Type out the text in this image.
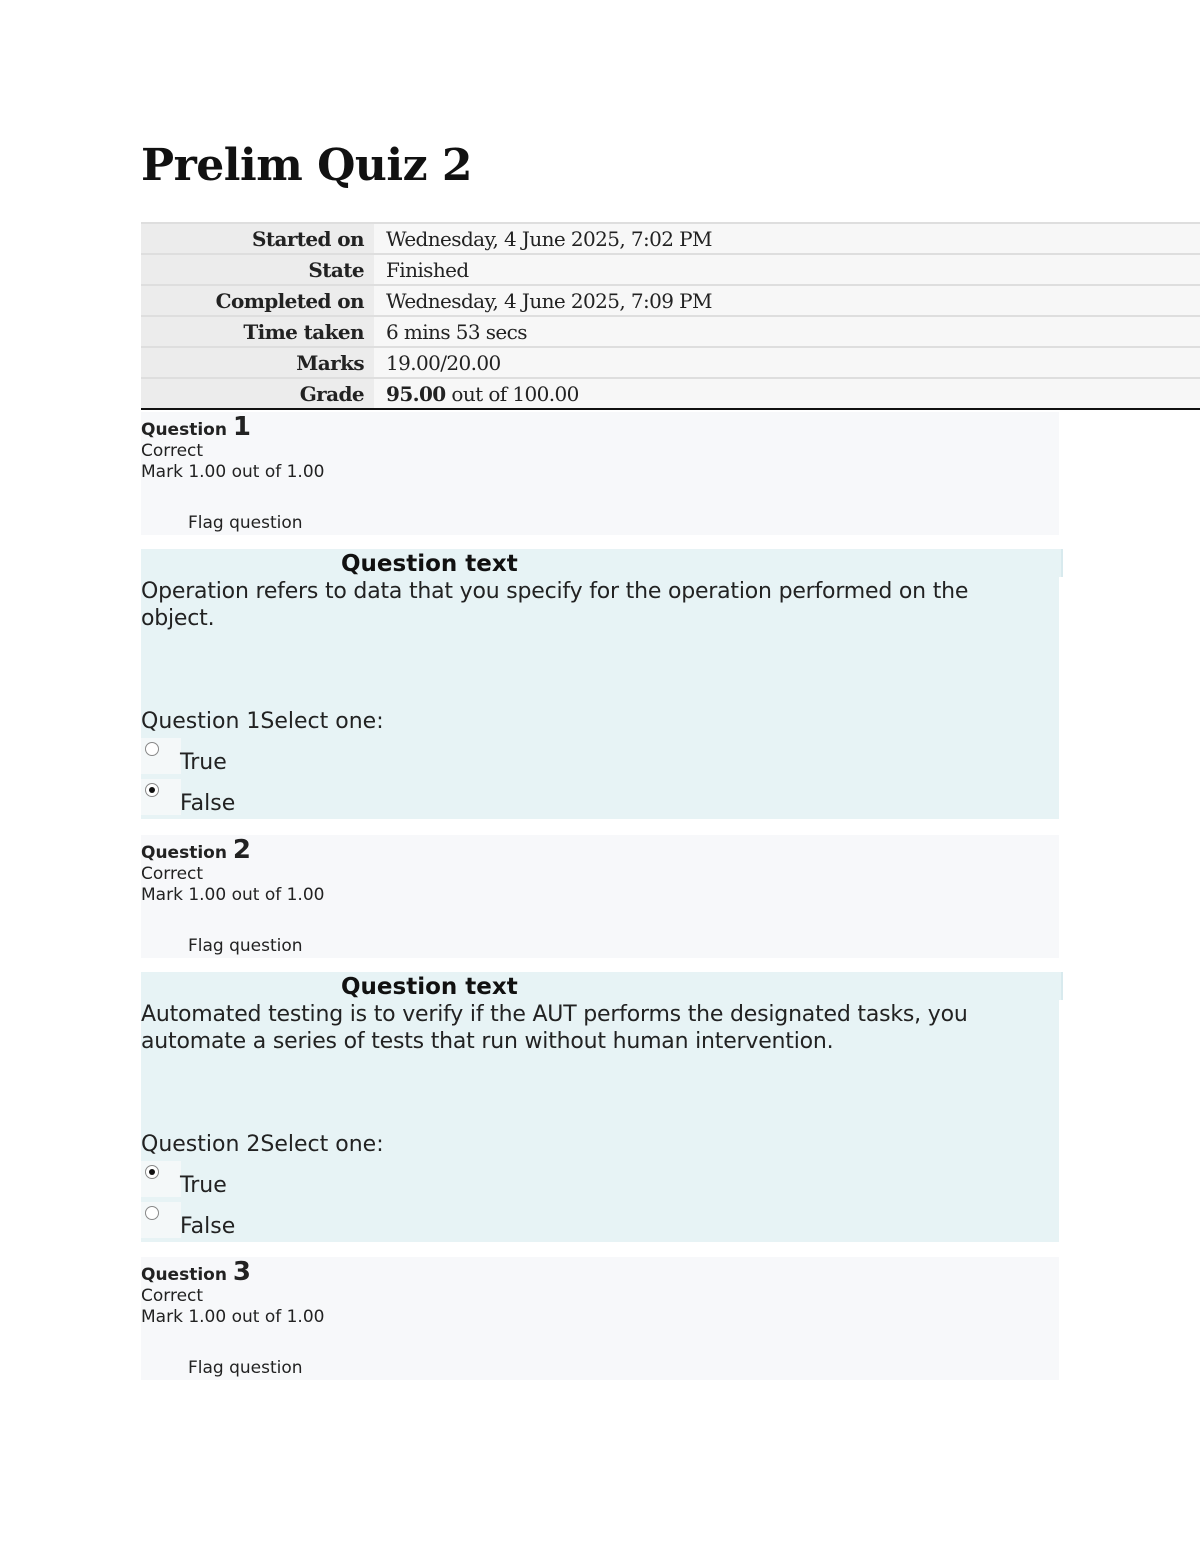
Prelim Quiz 2
Started on	Wednesday, 4 June 2025, 7:02 PM
State	Finished
Completed on	Wednesday, 4 June 2025, 7:09 PM
Time taken	6 mins 53 secs
Marks	19.00/20.00
Grade	95.00 out of 100.00
Question 1
Correct
Mark 1.00 out of 1.00
Flag question
Question text
Operation refers to data that you specify for the operation performed on the object.
Question 1Select one:
True
False
Question 2
Correct
Mark 1.00 out of 1.00
Flag question
Question text
Automated testing is to verify if the AUT performs the designated tasks, you automate a series of tests that run without human intervention.
Question 2Select one:
True
False
Question 3
Correct
Mark 1.00 out of 1.00
Flag question
